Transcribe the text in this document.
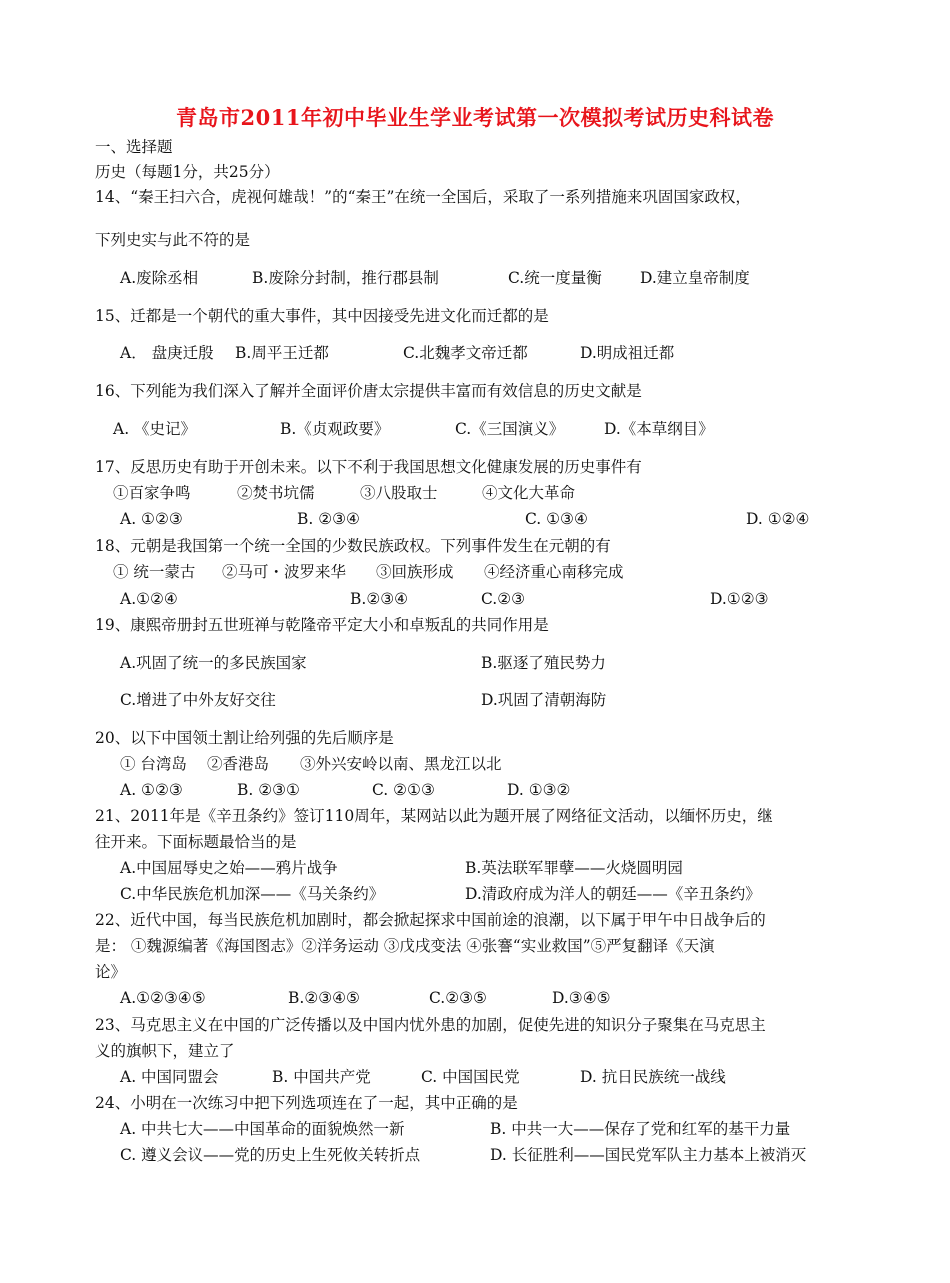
青岛市2011年初中毕业生学业考试第一次模拟考试历史科试卷
一、选择题
历史（每题1分，共25分）
14、“秦王扫六合，虎视何雄哉！”的“秦王”在统一全国后，采取了一系列措施来巩固国家政权，
下列史实与此不符的是
A.废除丞相	B.废除分封制，推行郡县制	C.统一度量衡 D.建立皇帝制度
15、迁都是一个朝代的重大事件，其中因接受先进文化而迁都的是
A． 盘庚迁殷 B.周平王迁都	C.北魏孝文帝迁都	D.明成祖迁都
16、下列能为我们深入了解并全面评价唐太宗提供丰富而有效信息的历史文献是
A. 《史记》	B.《贞观政要》	C.《三国演义》	D.《本草纲目》
17、反思历史有助于开创未来。以下不利于我国思想文化健康发展的历史事件有
①百家争鸣	②焚书坑儒	③八股取士	④文化大革命
A. ①②③	B. ②③④	C. ①③④	D. ①②④
18、元朝是我国第一个统一全国的少数民族政权。下列事件发生在元朝的有
① 统一蒙古 ②马可・波罗来华 ③回族形成 ④经济重心南移完成
A.①②④	B.②③④	C.②③	D.①②③
19、康熙帝册封五世班禅与乾隆帝平定大小和卓叛乱的共同作用是
A.巩固了统一的多民族国家	B.驱逐了殖民势力
C.增进了中外友好交往	D.巩固了清朝海防
20、以下中国领土割让给列强的先后顺序是
① 台湾岛 ②香港岛 ③外兴安岭以南、黑龙江以北
A. ①②③	B. ②③①	C. ②①③	D. ①③②
21、2011年是《辛丑条约》签订110周年，某网站以此为题开展了网络征文活动，以缅怀历史，继
往开来。下面标题最恰当的是
A.中国屈辱史之始——鸦片战争	B.英法联军罪孽——火烧圆明园
C.中华民族危机加深——《马关条约》	D.清政府成为洋人的朝廷——《辛丑条约》
22、近代中国，每当民族危机加剧时，都会掀起探求中国前途的浪潮，以下属于甲午中日战争后的
是： ①魏源编著《海国图志》②洋务运动 ③戊戌变法 ④张謇“实业救国”⑤严复翻译《天演
论》
A.①②③④⑤	B.②③④⑤	C.②③⑤	D.③④⑤
23、马克思主义在中国的广泛传播以及中国内忧外患的加剧，促使先进的知识分子聚集在马克思主
义的旗帜下，建立了
A. 中国同盟会	B. 中国共产党	C. 中国国民党	D. 抗日民族统一战线
24、小明在一次练习中把下列选项连在了一起，其中正确的是
A. 中共七大——中国革命的面貌焕然一新	B. 中共一大——保存了党和红军的基干力量
C. 遵义会议——党的历史上生死攸关转折点	D. 长征胜利——国民党军队主力基本上被消灭
